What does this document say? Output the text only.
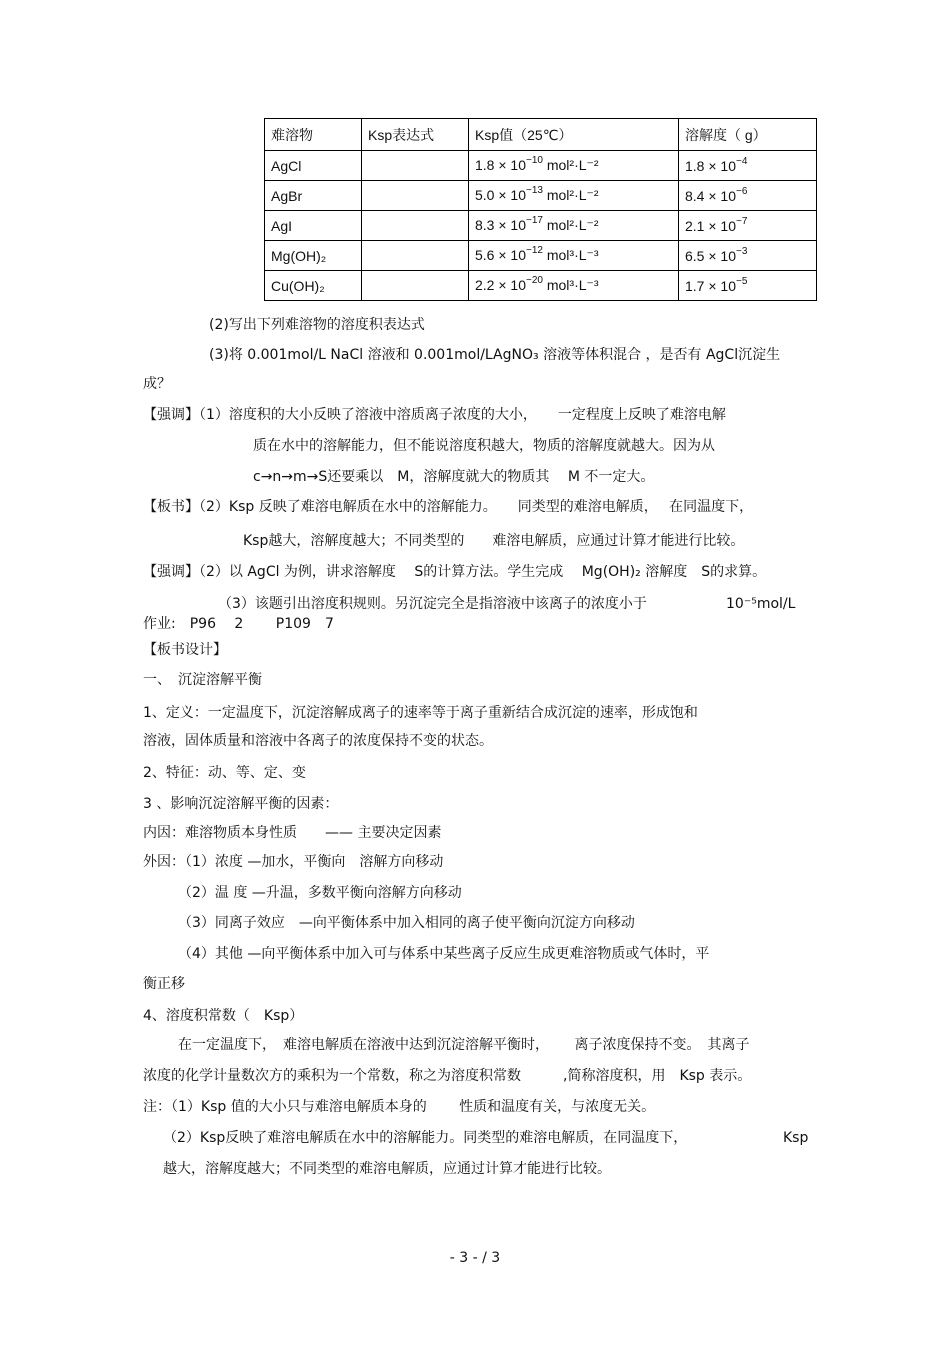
难溶物	Ksp表达式	Ksp值（25℃）	溶解度（ g）
AgCl		$1.8 \times 10^{-10}$ mol²·L⁻²	$1.8 \times 10^{-4}$
AgBr		$5.0 \times 10^{-13}$ mol²·L⁻²	$8.4 \times 10^{-6}$
AgI		$8.3 \times 10^{-17}$ mol²·L⁻²	$2.1 \times 10^{-7}$
Mg(OH)₂		$5.6 \times 10^{-12}$ mol³·L⁻³	$6.5 \times 10^{-3}$
Cu(OH)₂		$2.2 \times 10^{-20}$ mol³·L⁻³	$1.7 \times 10^{-5}$
(2)写出下列难溶物的溶度积表达式
(3)将 0.001mol/L NaCl 溶液和 0.001mol/LAgNO₃ 溶液等体积混合 ，是否有 AgCl沉淀生
成？
【强调】（1）溶度积的大小反映了溶液中溶质离子浓度的大小，　　一定程度上反映了难溶电解
质在水中的溶解能力，但不能说溶度积越大，物质的溶解度就越大。因为从
c→n→m→S还要乘以　M，溶解度就大的物质其　 M 不一定大。
【板书】（2）Ksp 反映了难溶电解质在水中的溶解能力。　　同类型的难溶电解质，　 在同温度下，
Ksp越大，溶解度越大；不同类型的　　难溶电解质，应通过计算才能进行比较。
【强调】（2）以 AgCl 为例，讲求溶解度　 S的计算方法。学生完成　 Mg(OH)₂ 溶解度　S的求算。
（3）该题引出溶度积规则。另沉淀完全是指溶液中该离子的浓度小于	10⁻⁵mol/L
作业:　P96　 2　　 P109　7
【板书设计】
一、　沉淀溶解平衡
1、定义：一定温度下，沉淀溶解成离子的速率等于离子重新结合成沉淀的速率，形成饱和
溶液，固体质量和溶液中各离子的浓度保持不变的状态。
2、特征：动、等、定、变
3 、影响沉淀溶解平衡的因素：
内因：难溶物质本身性质　　—— 主要决定因素
外因：（1）浓度 —加水，平衡向　溶解方向移动
（2）温 度 —升温，多数平衡向溶解方向移动
（3）同离子效应　—向平衡体系中加入相同的离子使平衡向沉淀方向移动
（4）其他 —向平衡体系中加入可与体系中某些离子反应生成更难溶物质或气体时，平
衡正移
4、溶度积常数（　Ksp）
在一定温度下，　难溶电解质在溶液中达到沉淀溶解平衡时，　　 离子浓度保持不变。　其离子
浓度的化学计量数次方的乘积为一个常数，称之为溶度积常数　　　,简称溶度积，用　Ksp 表示。
注：（1）Ksp 值的大小只与难溶电解质本身的　　 性质和温度有关，与浓度无关。
（2）Ksp反映了难溶电解质在水中的溶解能力。同类型的难溶电解质，在同温度下，	Ksp
越大，溶解度越大；不同类型的难溶电解质，应通过计算才能进行比较。
- 3 - / 3
